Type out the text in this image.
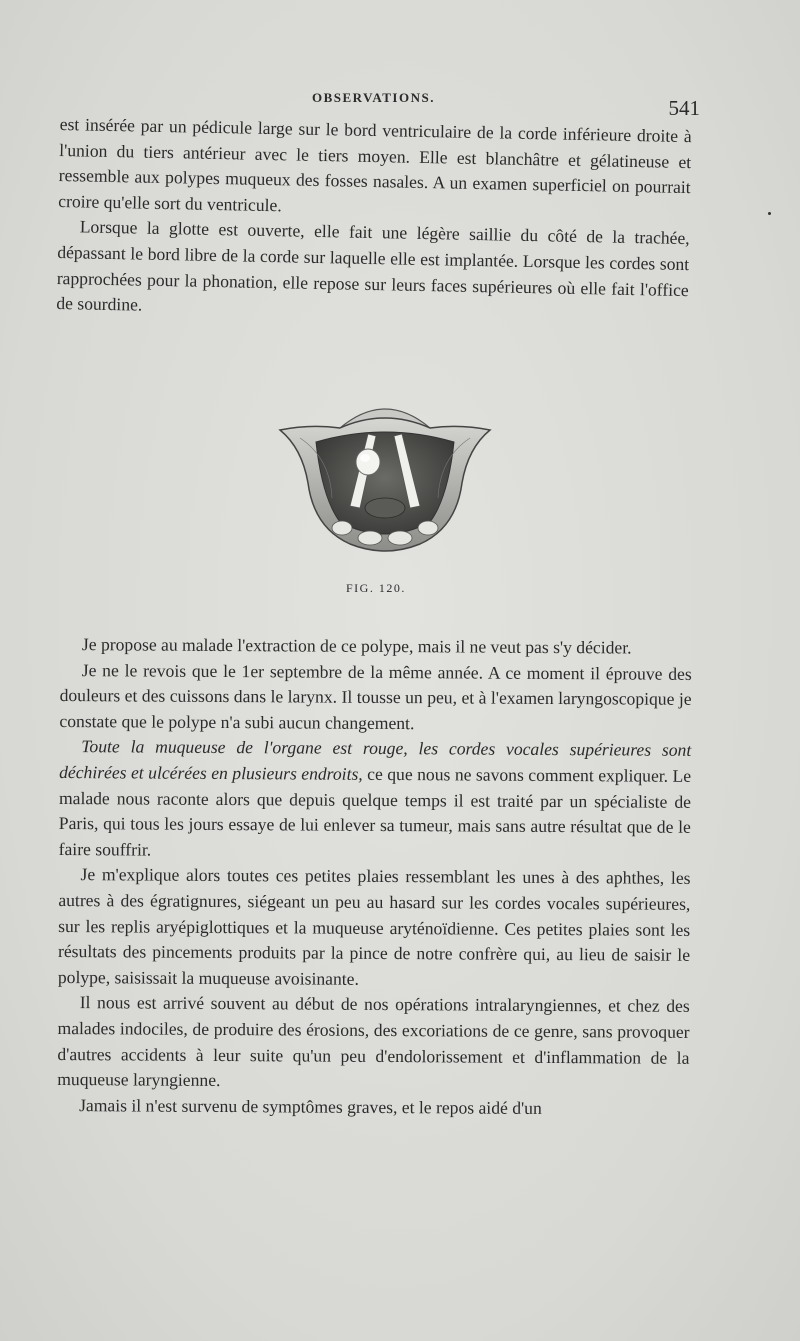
OBSERVATIONS.	541

est insérée par un pédicule large sur le bord ventriculaire de la corde inférieure droite à l'union du tiers antérieur avec le tiers moyen. Elle est blanchâtre et gélatineuse et ressemble aux polypes muqueux des fosses nasales. A un examen superficiel on pourrait croire qu'elle sort du ventricule.

Lorsque la glotte est ouverte, elle fait une légère saillie du côté de la trachée, dépassant le bord libre de la corde sur laquelle elle est implantée. Lorsque les cordes sont rapprochées pour la phonation, elle repose sur leurs faces supérieures où elle fait l'office de sourdine.

FIG. 120.

Je propose au malade l'extraction de ce polype, mais il ne veut pas s'y décider.

Je ne le revois que le 1er septembre de la même année. A ce moment il éprouve des douleurs et des cuissons dans le larynx. Il tousse un peu, et à l'examen laryngoscopique je constate que le polype n'a subi aucun changement.

Toute la muqueuse de l'organe est rouge, les cordes vocales supérieures sont déchirées et ulcérées en plusieurs endroits, ce que nous ne savons comment expliquer. Le malade nous raconte alors que depuis quelque temps il est traité par un spécialiste de Paris, qui tous les jours essaye de lui enlever sa tumeur, mais sans autre résultat que de le faire souffrir.

Je m'explique alors toutes ces petites plaies ressemblant les unes à des aphthes, les autres à des égratignures, siégeant un peu au hasard sur les cordes vocales supérieures, sur les replis aryépiglottiques et la muqueuse aryténoïdienne. Ces petites plaies sont les résultats des pincements produits par la pince de notre confrère qui, au lieu de saisir le polype, saisissait la muqueuse avoisinante.

Il nous est arrivé souvent au début de nos opérations intralaryngiennes, et chez des malades indociles, de produire des érosions, des excoriations de ce genre, sans provoquer d'autres accidents à leur suite qu'un peu d'endolorissement et d'inflammation de la muqueuse laryngienne.

Jamais il n'est survenu de symptômes graves, et le repos aidé d'un
